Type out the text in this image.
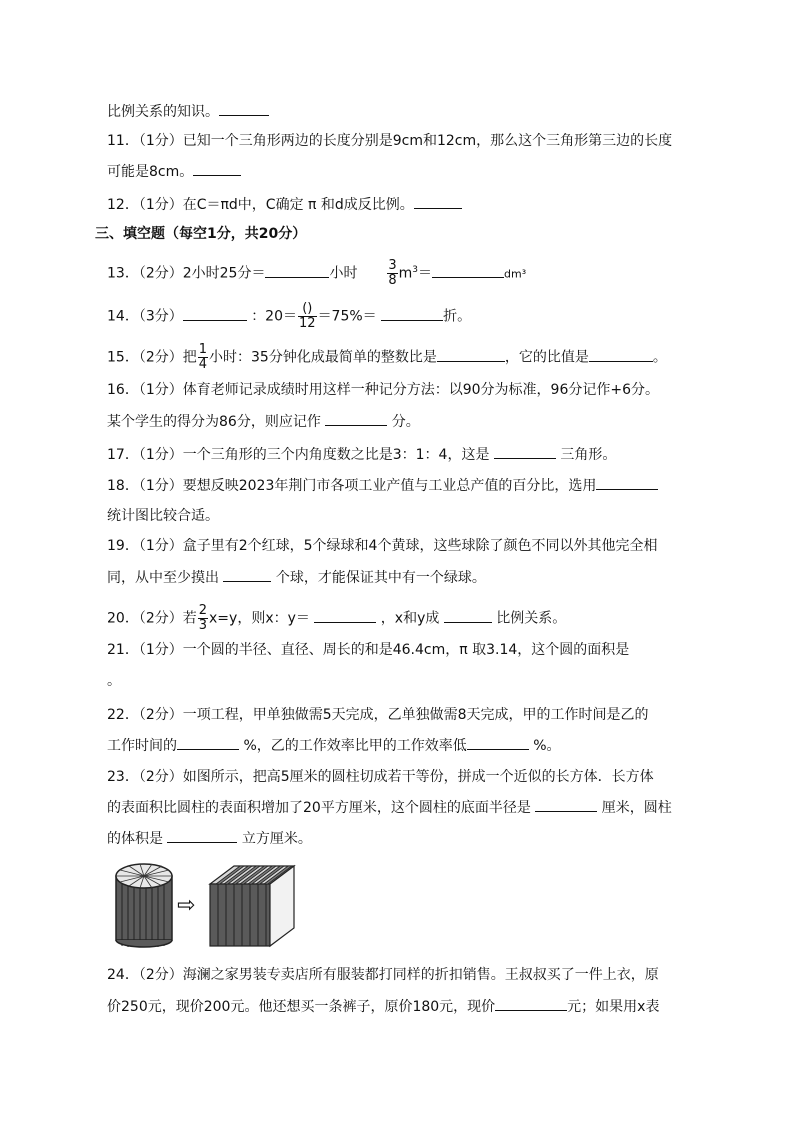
比例关系的知识。
11．（1分）已知一个三角形两边的长度分别是9cm和12cm，那么这个三角形第三边的长度
可能是8cm。
12．（1分）在C＝πd中，C确定 π 和d成反比例。
三、填空题（每空1分，共20分）
13．（2分）2小时25分＝	小时 $\frac{3}{8} m^3=$	dm³
14．（3分）	：$20= \frac{()}{12} =75\%=$	折。
15．（2分）把 $\frac{1}{4}$ 小时：35分钟化成最简单的整数比是	，它的比值是	。
16．（1分）体育老师记录成绩时用这样一种记分方法：以90分为标准，96分记作+6分。
某个学生的得分为86分，则应记作	分。
17．（1分）一个三角形的三个内角度数之比是3：1：4，这是	三角形。
18．（1分）要想反映2023年荆门市各项工业产值与工业总产值的百分比，选用
统计图比较合适。
19．（1分）盒子里有2个红球，5个绿球和4个黄球，这些球除了颜色不同以外其他完全相
同，从中至少摸出	个球，才能保证其中有一个绿球。
20．（2分）若 $\frac{2}{3} x=y$，则x：y＝	，x和y成	比例关系。
21．（1分）一个圆的半径、直径、周长的和是46.4cm，π 取3.14，这个圆的面积是
。
22．（2分）一项工程，甲单独做需5天完成，乙单独做需8天完成，甲的工作时间是乙的
工作时间的	%，乙的工作效率比甲的工作效率低	%。
23．（2分）如图所示，把高5厘米的圆柱切成若干等份，拼成一个近似的长方体．长方体
的表面积比圆柱的表面积增加了20平方厘米，这个圆柱的底面半径是	厘米，圆柱
的体积是	立方厘米。
⇨
24．（2分）海澜之家男装专卖店所有服装都打同样的折扣销售。王叔叔买了一件上衣，原
价250元，现价200元。他还想买一条裤子，原价180元，现价	元；如果用x表
